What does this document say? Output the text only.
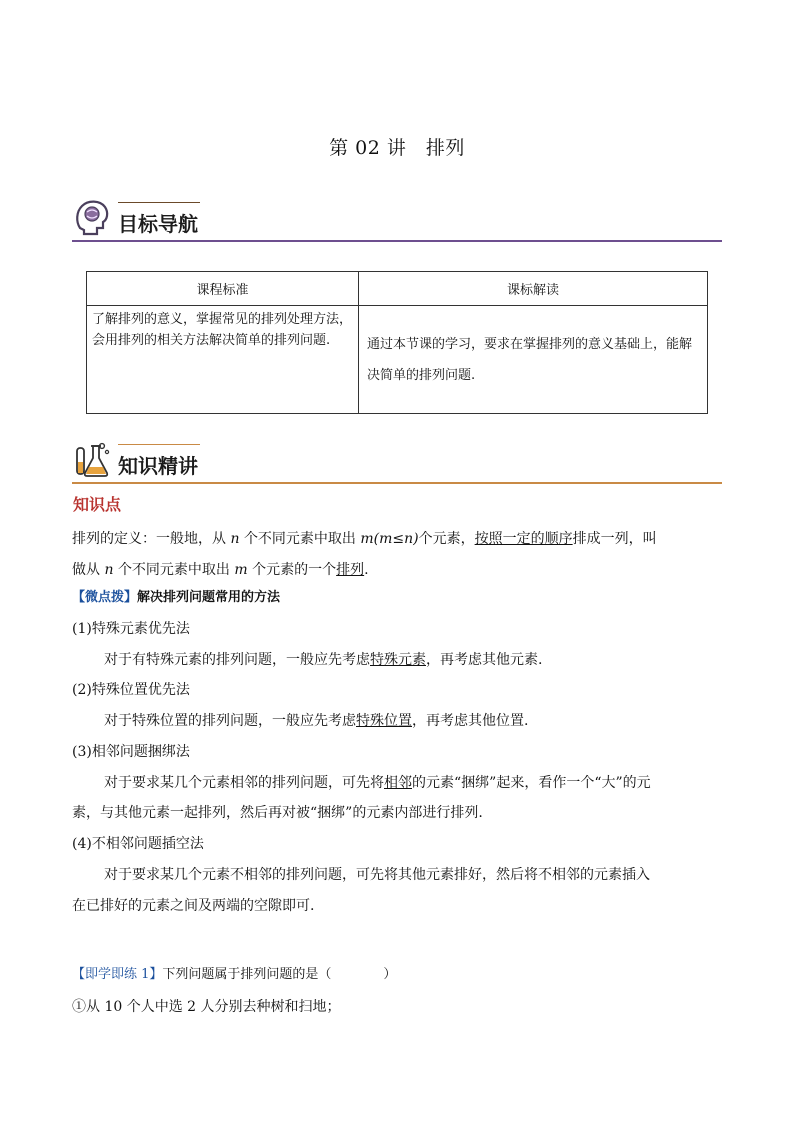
第 02 讲　排列
目标导航
课程标准	课标解读
了解排列的意义，掌握常见的排列处理方法，会用排列的相关方法解决简单的排列问题.	通过本节课的学习，要求在掌握排列的意义基础上，能解决简单的排列问题.
知识精讲
知识点
排列的定义：一般地，从 n 个不同元素中取出 m(m≤n)个元素，按照一定的顺序排成一列，叫
做从 n 个不同元素中取出 m 个元素的一个排列.
【微点拨】解决排列问题常用的方法
(1)特殊元素优先法
对于有特殊元素的排列问题，一般应先考虑特殊元素，再考虑其他元素.
(2)特殊位置优先法
对于特殊位置的排列问题，一般应先考虑特殊位置，再考虑其他位置.
(3)相邻问题捆绑法
对于要求某几个元素相邻的排列问题，可先将相邻的元素“捆绑”起来，看作一个“大”的元
素，与其他元素一起排列，然后再对被“捆绑”的元素内部进行排列.
(4)不相邻问题插空法
对于要求某几个元素不相邻的排列问题，可先将其他元素排好，然后将不相邻的元素插入
在已排好的元素之间及两端的空隙即可.
【即学即练 1】下列问题属于排列问题的是（　　　　）
①从 10 个人中选 2 人分别去种树和扫地；
